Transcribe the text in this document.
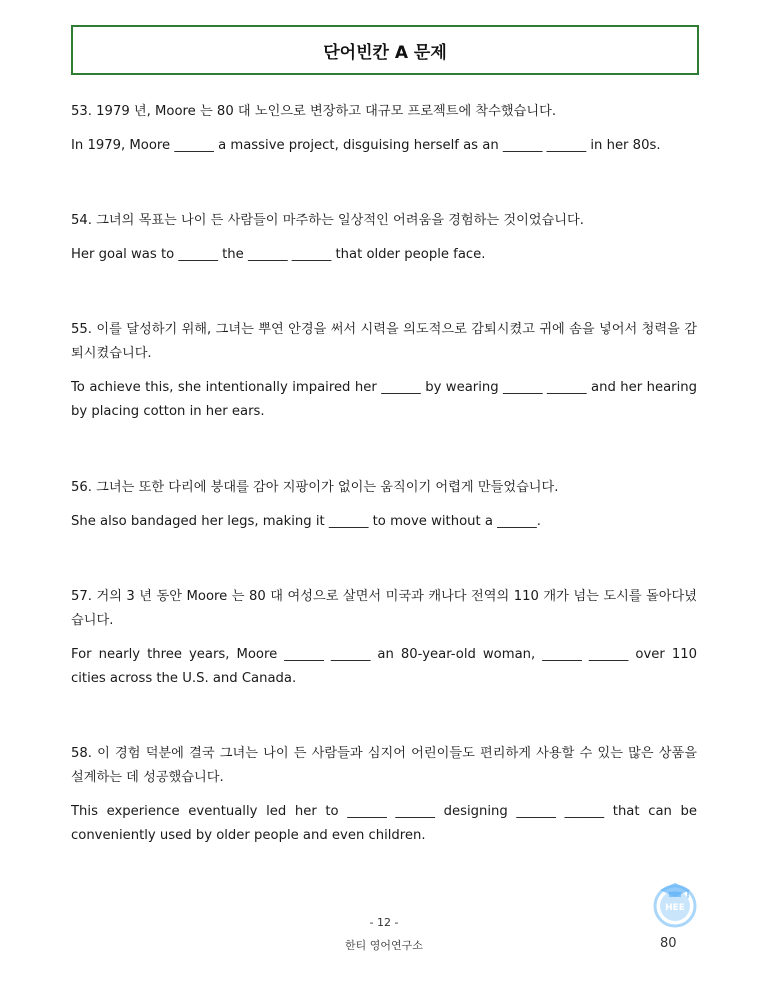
단어빈칸 A 문제

53. 1979 년, Moore 는 80 대 노인으로 변장하고 대규모 프로젝트에 착수했습니다.

In 1979, Moore ______ a massive project, disguising herself as an ______ ______ in her 80s.

54. 그녀의 목표는 나이 든 사람들이 마주하는 일상적인 어려움을 경험하는 것이었습니다.

Her goal was to ______ the ______ ______ that older people face.

55. 이를 달성하기 위해, 그녀는 뿌연 안경을 써서 시력을 의도적으로 감퇴시켰고 귀에 솜을 넣어서 청력을 감퇴시켰습니다.

To achieve this, she intentionally impaired her ______ by wearing ______ ______ and her hearing by placing cotton in her ears.

56. 그녀는 또한 다리에 붕대를 감아 지팡이가 없이는 움직이기 어렵게 만들었습니다.

She also bandaged her legs, making it ______ to move without a ______.

57. 거의 3 년 동안 Moore 는 80 대 여성으로 살면서 미국과 캐나다 전역의 110 개가 넘는 도시를 돌아다녔습니다.

For nearly three years, Moore ______ ______ an 80-year-old woman, ______ ______ over 110 cities across the U.S. and Canada.

58. 이 경험 덕분에 결국 그녀는 나이 든 사람들과 심지어 어린이들도 편리하게 사용할 수 있는 많은 상품을 설계하는 데 성공했습니다.

This experience eventually led her to ______ ______ designing ______ ______ that can be conveniently used by older people and even children.

- 12 -
한티 영어연구소
HEE
80
